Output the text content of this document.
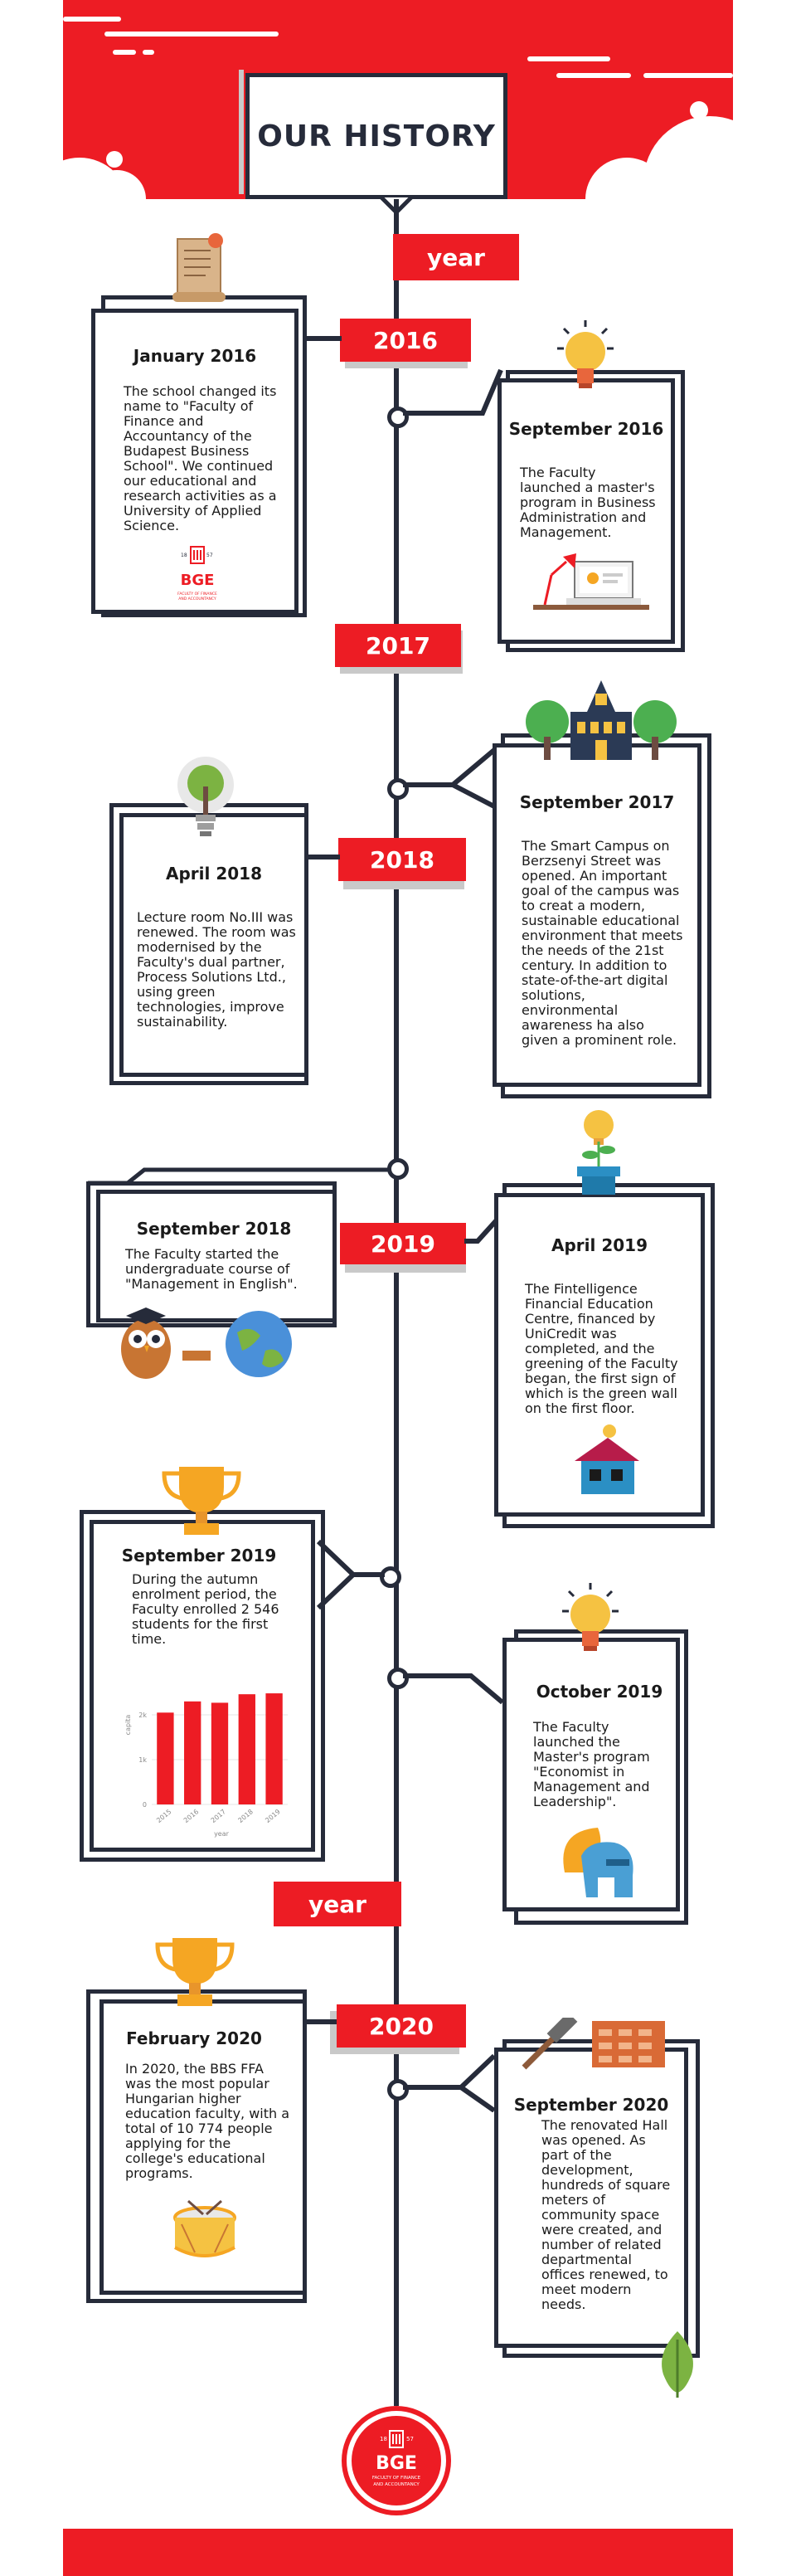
OUR HISTORY
year
2016
January 2016
The school changed its name to "Faculty of Finance and Accountancy of the Budapest Business School". We continued our educational and research activities as a University of Applied Science.
BGE
18	57
FACULTY OF FINANCE
AND ACCOUNTANCY
September 2016
The Faculty launched a master's program in Business Administration and Management.
2017
September 2017
The Smart Campus on Berzsenyi Street was opened. An important goal of the campus was to creat a modern, sustainable educational environment that meets the needs of the 21st century. In addition to state-of-the-art digital solutions, environmental awareness ha also given a prominent role.
April 2018
Lecture room No.III was renewed. The room was modernised by the Faculty's dual partner, Process Solutions Ltd., using green technologies, improve sustainability.
2018
September 2018
The Faculty started the undergraduate course of "Management in English".
2019	April 2019
The Fintelligence Financial Education Centre, financed by UniCredit was completed, and the greening of the Faculty began, the first sign of which is the green wall on the first floor.
September 2019
During the autumn enrolment period, the Faculty enrolled 2 546 students for the first time.
2015 2016 2017 2018 2019
0
1k
2k
year
capita
October 2019
The Faculty launched the Master's program "Economist in Management and Leadership".
year
2020
February 2020
In 2020, the BBS FFA was the most popular Hungarian higher education faculty, with a total of 10 774 people applying for the college's educational programs.
September 2020
The renovated Hall was opened. As part of the development, hundreds of square meters of community space were created, and number of related departmental offices renewed, to meet modern needs.
18	57
BGE
FACULTY OF FINANCE
AND ACCOUNTANCY
